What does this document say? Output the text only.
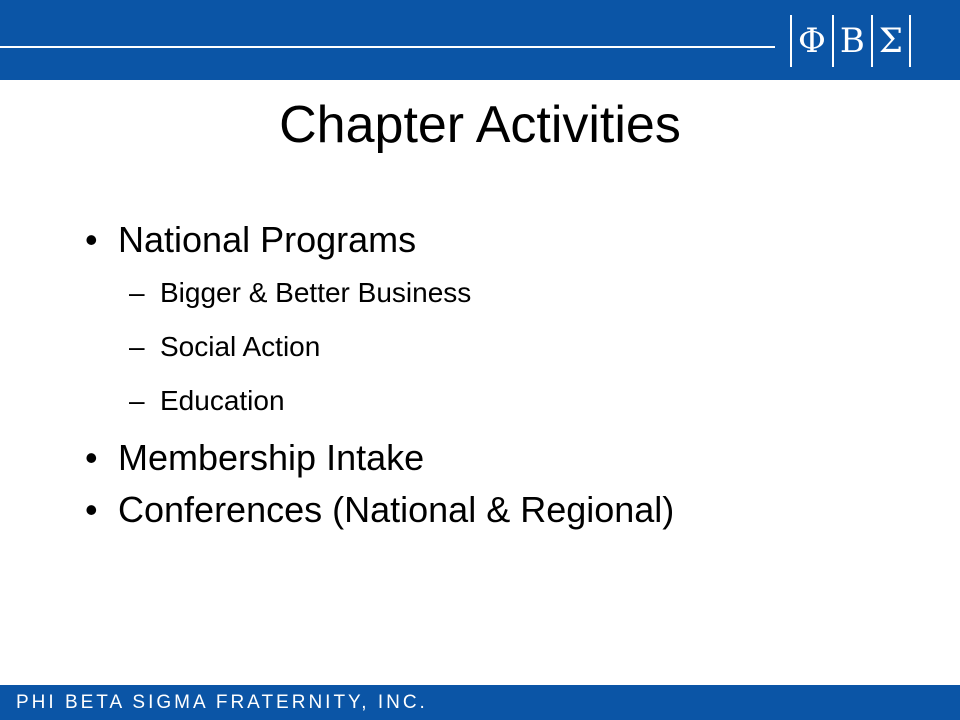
Φ Β Σ
Chapter Activities
• National Programs
– Bigger & Better Business
– Social Action
– Education
• Membership Intake
• Conferences (National & Regional)
PHI BETA SIGMA FRATERNITY, INC.
